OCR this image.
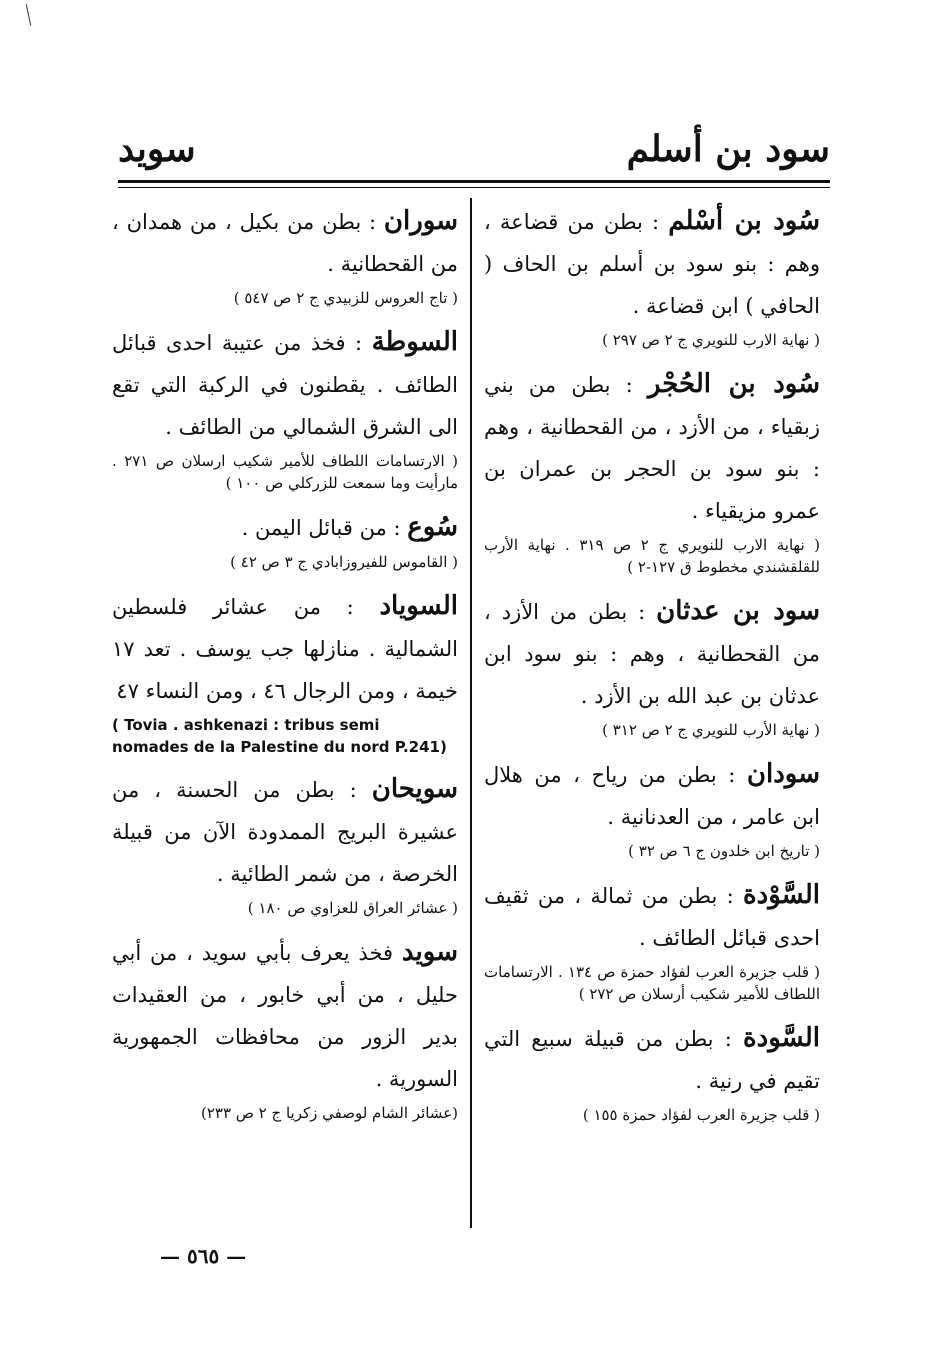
سود بن أسلم
سويد

سُود بن أسْلم : بطن من قضاعة ، وهم : بنو سود بن أسلم بن الحاف ( الحافي ) ابن قضاعة .

( نهاية الارب للنويري ج ٢ ص ٢٩٧ )

سُود بن الحُجْر : بطن من بني زبقياء ، من الأزد ، من القحطانية ، وهم : بنو سود بن الحجر بن عمران بن عمرو مزيقياء .

( نهاية الارب للنويري ج ٢ ص ٣١٩ . نهاية الأرب للقلقشندي مخطوط ق ١٢٧-٢ )

سود بن عدثان : بطن من الأزد ، من القحطانية ، وهم : بنو سود ابن عدثان بن عبد الله بن الأزد .

( نهاية الأرب للنويري ج ٢ ص ٣١٢ )

سودان : بطن من رياح ، من هلال ابن عامر ، من العدنانية .

( تاريخ ابن خلدون ج ٦ ص ٣٢ )

السَّوْدة : بطن من ثمالة ، من ثقيف احدى قبائل الطائف .

( قلب جزيرة العرب لفؤاد حمزة ص ١٣٤ . الارتسامات اللطاف للأمير شكيب أرسلان ص ٢٧٢ )

السَّودة : بطن من قبيلة سبيع التي تقيم في رنية .

( قلب جزيرة العرب لفؤاد حمزة ١٥٥ )

سوران : بطن من بكيل ، من همدان ، من القحطانية .

( تاج العروس للزبيدي ج ٢ ص ٥٤٧ )

السوطة : فخذ من عتيبة احدى قبائل الطائف . يقطنون في الركبة التي تقع الى الشرق الشمالي من الطائف .

( الارتسامات اللطاف للأمير شكيب ارسلان ص ٢٧١ . مارأيت وما سمعت للزركلي ص ١٠٠ )

سُوع : من قبائل اليمن .

( القاموس للفيروزابادي ج ٣ ص ٤٢ )

السوياد : من عشائر فلسطين الشمالية . منازلها جب يوسف . تعد ١٧ خيمة ، ومن الرجال ٤٦ ، ومن النساء ٤٧

( Tovia . ashkenazi : tribus semi nomades de la Palestine du nord P.241)

سويحان : بطن من الحسنة ، من عشيرة البريج الممدودة الآن من قبيلة الخرصة ، من شمر الطائية .

( عشائر العراق للعزاوي ص ١٨٠ )

سويد فخذ يعرف بأبي سويد ، من أبي حليل ، من أبي خابور ، من العقيدات بدير الزور من محافظات الجمهورية السورية .

(عشائر الشام لوصفي زكريا ج ٢ ص ٢٣٣)

— ٥٦٥ —
